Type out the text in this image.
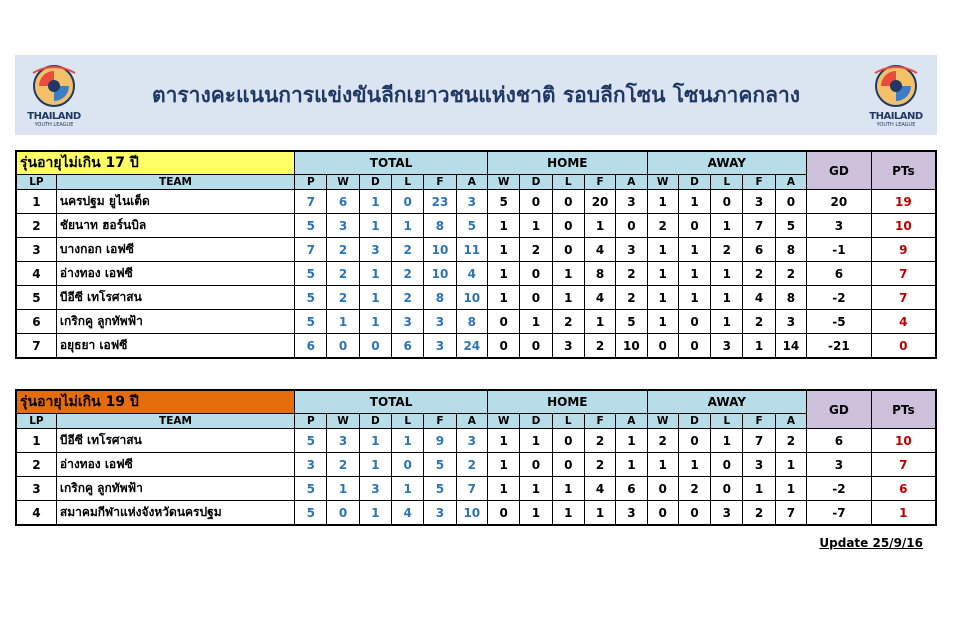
THAILAND
YOUTH LEAGUE
ตารางคะแนนการแข่งขันลีกเยาวชนแห่งชาติ รอบลีกโซน โซนภาคกลาง
THAILAND
YOUTH LEAGUE
รุ่นอายุไม่เกิน 17 ปี		TOTAL						HOME					AWAY					GD	PTs
LP	TEAM	P	W	D	L	F	A	W	D	L	F	A	W	D	L	F	A		
1	นครปฐม ยูไนเต็ด	7	6	1	0	23	3	5	0	0	20	3	1	1	0	3	0	20	19
2	ชัยนาท ฮอร์นบิล	5	3	1	1	8	5	1	1	0	1	0	2	0	1	7	5	3	10
3	บางกอก เอฟซี	7	2	3	2	10	11	1	2	0	4	3	1	1	2	6	8	-1	9
4	อ่างทอง เอฟซี	5	2	1	2	10	4	1	0	1	8	2	1	1	1	2	2	6	7
5	บีอีซี เทโรศาสน	5	2	1	2	8	10	1	0	1	4	2	1	1	1	4	8	-2	7
6	เกริกคู ลูกทัพฟ้า	5	1	1	3	3	8	0	1	2	1	5	1	0	1	2	3	-5	4
7	อยุธยา เอฟซี	6	0	0	6	3	24	0	0	3	2	10	0	0	3	1	14	-21	0
รุ่นอายุไม่เกิน 19 ปี		TOTAL						HOME					AWAY					GD	PTs
LP	TEAM	P	W	D	L	F	A	W	D	L	F	A	W	D	L	F	A		
1	บีอีซี เทโรศาสน	5	3	1	1	9	3	1	1	0	2	1	2	0	1	7	2	6	10
2	อ่างทอง เอฟซี	3	2	1	0	5	2	1	0	0	2	1	1	1	0	3	1	3	7
3	เกริกคู ลูกทัพฟ้า	5	1	3	1	5	7	1	1	1	4	6	0	2	0	1	1	-2	6
4	สมาคมกีฬาแห่งจังหวัดนครปฐม	5	0	1	4	3	10	0	1	1	1	3	0	0	3	2	7	-7	1
Update 25/9/16
